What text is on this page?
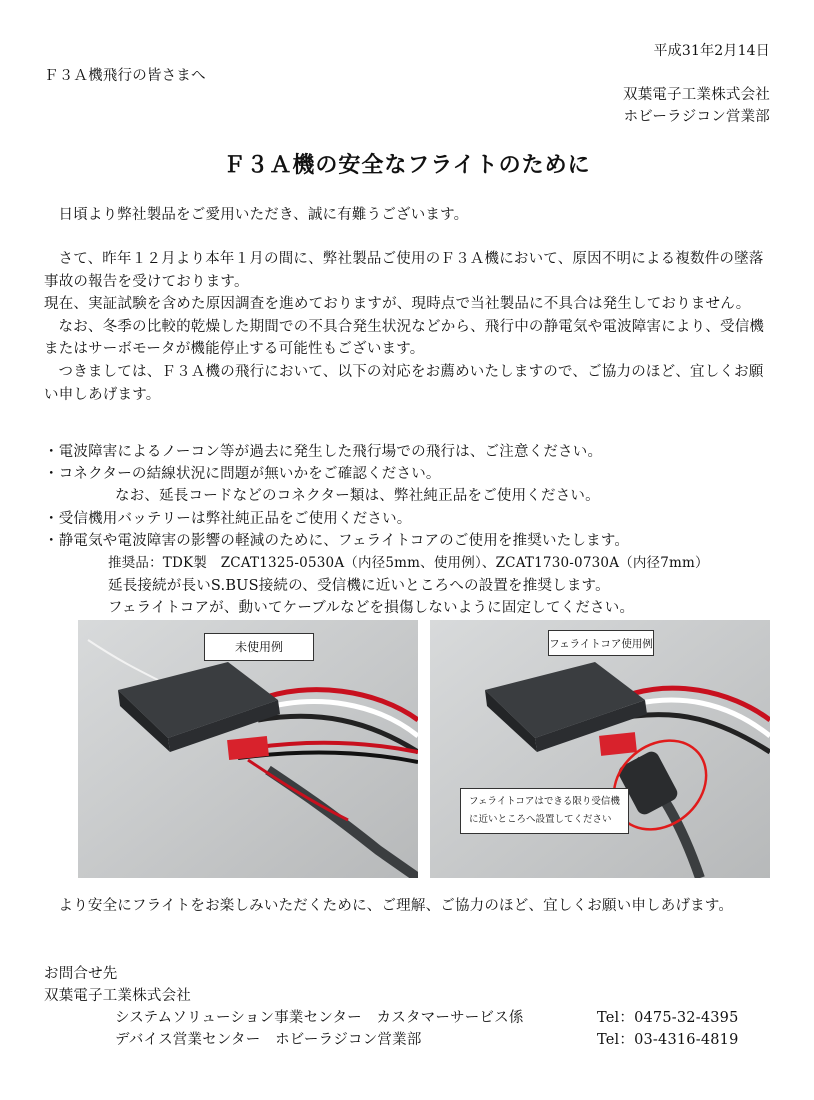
平成31年2月14日
Ｆ３Ａ機飛行の皆さまへ
双葉電子工業株式会社
ホビーラジコン営業部
Ｆ３Ａ機の安全なフライトのために
日頃より弊社製品をご愛用いただき、誠に有難うございます。
さて、昨年１２月より本年１月の間に、弊社製品ご使用のＦ３Ａ機において、原因不明による複数件の墜落事故の報告を受けております。
現在、実証試験を含めた原因調査を進めておりますが、現時点で当社製品に不具合は発生しておりません。
なお、冬季の比較的乾燥した期間での不具合発生状況などから、飛行中の静電気や電波障害により、受信機またはサーボモータが機能停止する可能性もございます。
つきましては、Ｆ３Ａ機の飛行において、以下の対応をお薦めいたしますので、ご協力のほど、宜しくお願い申しあげます。
・電波障害によるノーコン等が過去に発生した飛行場での飛行は、ご注意ください。
・コネクターの結線状況に問題が無いかをご確認ください。
なお、延長コードなどのコネクター類は、弊社純正品をご使用ください。
・受信機用バッテリーは弊社純正品をご使用ください。
・静電気や電波障害の影響の軽減のために、フェライトコアのご使用を推奨いたします。
推奨品：TDK製　ZCAT1325-0530A（内径5mm、使用例）、ZCAT1730-0730A（内径7mm）
延長接続が長いS.BUS接続の、受信機に近いところへの設置を推奨します。
フェライトコアが、動いてケーブルなどを損傷しないように固定してください。
未使用例	フェライトコア使用例
フェライトコアはできる限り受信機
に近いところへ設置してください
より安全にフライトをお楽しみいただくために、ご理解、ご協力のほど、宜しくお願い申しあげます。
お問合せ先
双葉電子工業株式会社
システムソリューション事業センター　カスタマーサービス係	Tel：0475-32-4395
デバイス営業センター　ホビーラジコン営業部	Tel：03-4316-4819
